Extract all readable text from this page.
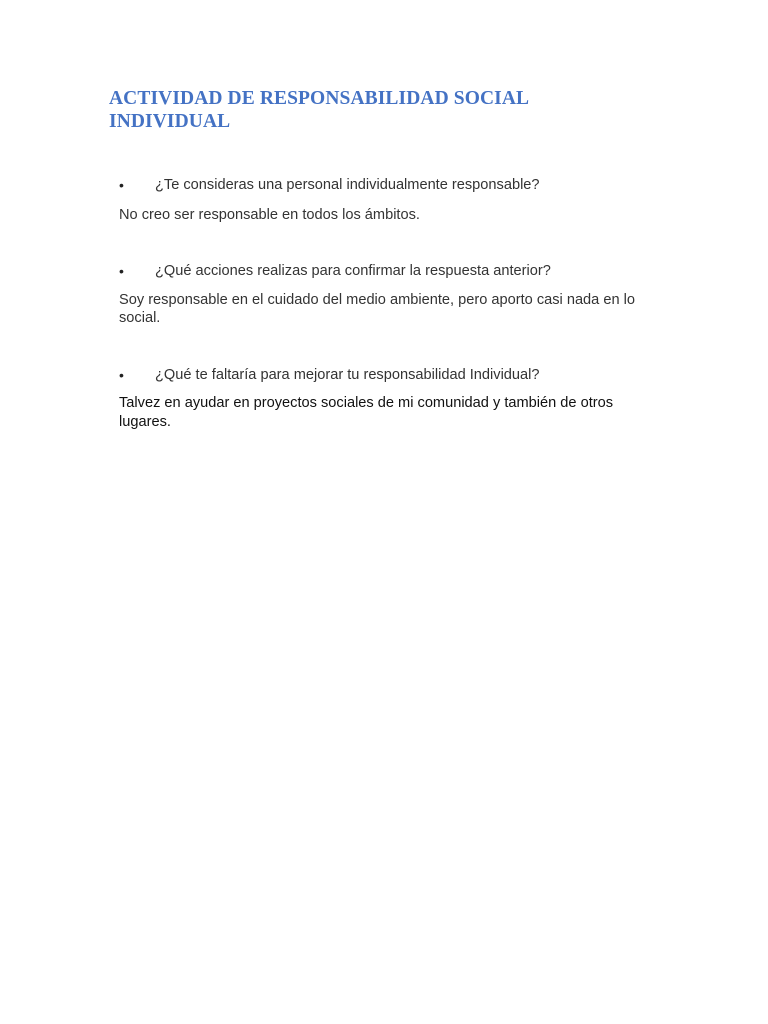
ACTIVIDAD DE RESPONSABILIDAD SOCIAL INDIVIDUAL
•	¿Te consideras una personal individualmente responsable?

No creo ser responsable en todos los ámbitos.

•	¿Qué acciones realizas para confirmar la respuesta anterior?

Soy responsable en el cuidado del medio ambiente, pero aporto casi nada en lo social.

•	¿Qué te faltaría para mejorar tu responsabilidad Individual?

Talvez en ayudar en proyectos sociales de mi comunidad y también de otros lugares.
